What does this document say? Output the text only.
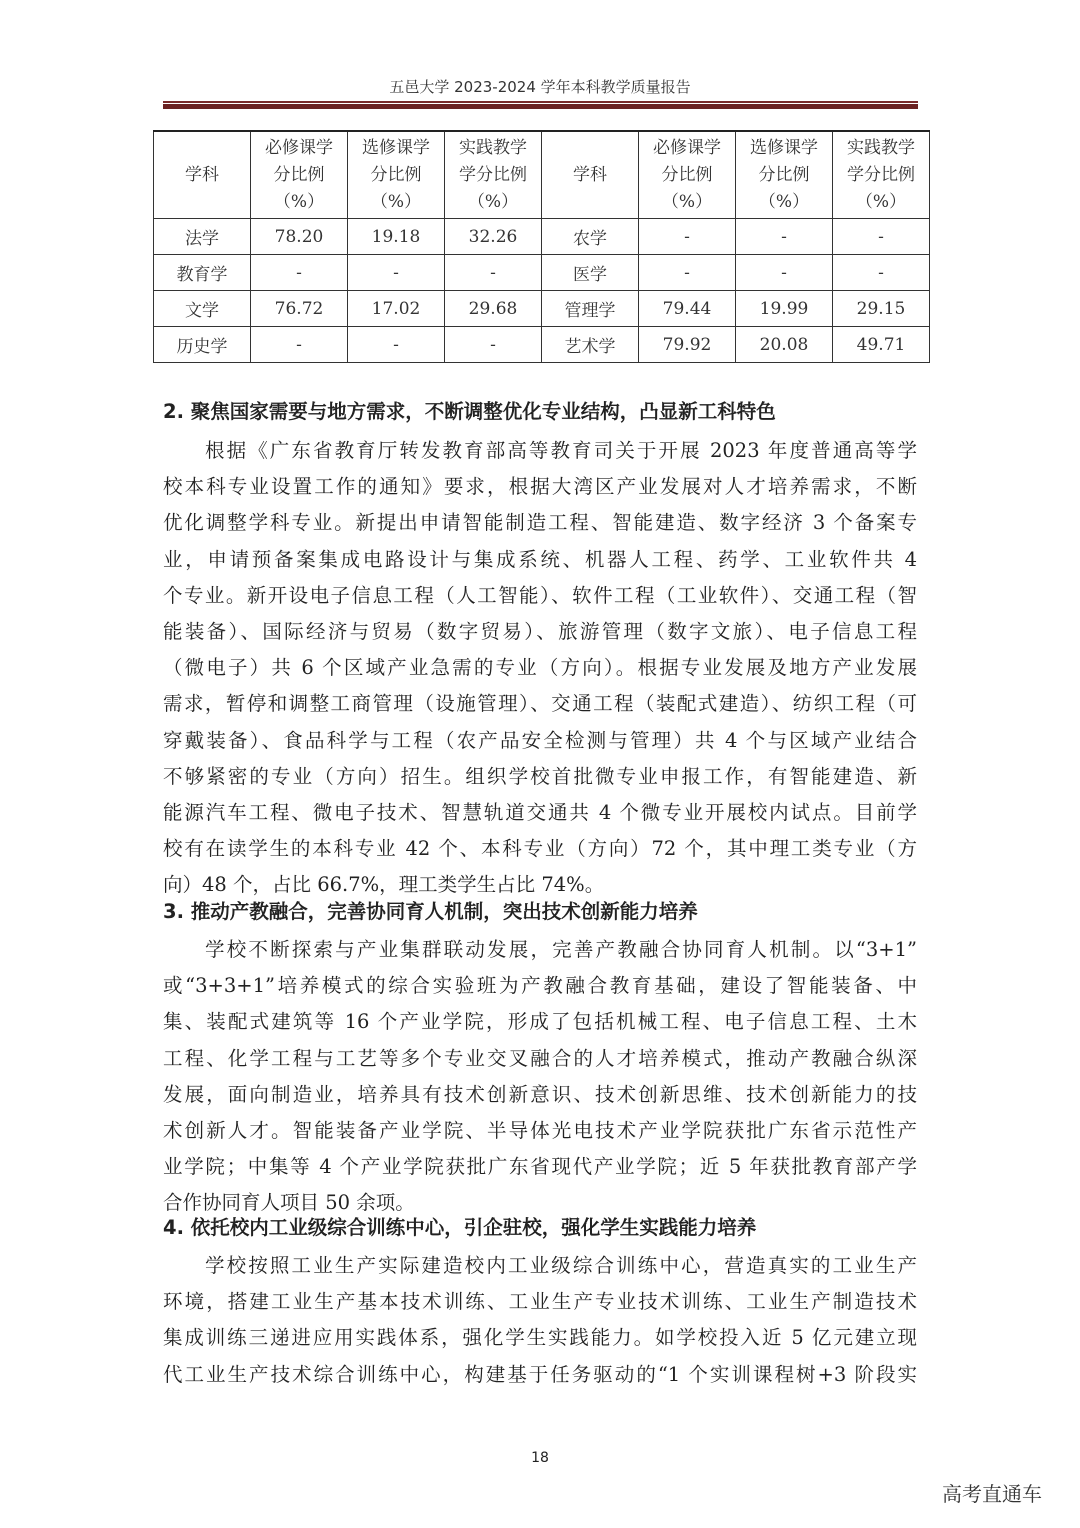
五邑大学 2023-2024 学年本科教学质量报告
学科	必修课学
分比例
（%）	选修课学
分比例
（%）	实践教学
学分比例
（%）	学科	必修课学
分比例
（%）	选修课学
分比例
（%）	实践教学
学分比例
（%）
法学	78.20	19.18	32.26	农学	-	-	-
教育学	-	-	-	医学	-	-	-
文学	76.72	17.02	29.68	管理学	79.44	19.99	29.15
历史学	-	-	-	艺术学	79.92	20.08	49.71
2. 聚焦国家需要与地方需求，不断调整优化专业结构，凸显新工科特色
根据《广东省教育厅转发教育部高等教育司关于开展 2023 年度普通高等学
校本科专业设置工作的通知》要求，根据大湾区产业发展对人才培养需求，不断
优化调整学科专业。新提出申请智能制造工程、智能建造、数字经济 3 个备案专
业，申请预备案集成电路设计与集成系统、机器人工程、药学、工业软件共 4
个专业。新开设电子信息工程（人工智能）、软件工程（工业软件）、交通工程（智
能装备）、国际经济与贸易（数字贸易）、旅游管理（数字文旅）、电子信息工程
（微电子）共 6 个区域产业急需的专业（方向）。根据专业发展及地方产业发展
需求，暂停和调整工商管理（设施管理）、交通工程（装配式建造）、纺织工程（可
穿戴装备）、食品科学与工程（农产品安全检测与管理）共 4 个与区域产业结合
不够紧密的专业（方向）招生。组织学校首批微专业申报工作，有智能建造、新
能源汽车工程、微电子技术、智慧轨道交通共 4 个微专业开展校内试点。目前学
校有在读学生的本科专业 42 个、本科专业（方向）72 个，其中理工类专业（方
向）48 个，占比 66.7%，理工类学生占比 74%。
3. 推动产教融合，完善协同育人机制，突出技术创新能力培养
学校不断探索与产业集群联动发展，完善产教融合协同育人机制。以“3+1”
或“3+3+1”培养模式的综合实验班为产教融合教育基础，建设了智能装备、中
集、装配式建筑等 16 个产业学院，形成了包括机械工程、电子信息工程、土木
工程、化学工程与工艺等多个专业交叉融合的人才培养模式，推动产教融合纵深
发展，面向制造业，培养具有技术创新意识、技术创新思维、技术创新能力的技
术创新人才。智能装备产业学院、半导体光电技术产业学院获批广东省示范性产
业学院；中集等 4 个产业学院获批广东省现代产业学院；近 5 年获批教育部产学
合作协同育人项目 50 余项。
4. 依托校内工业级综合训练中心，引企驻校，强化学生实践能力培养
学校按照工业生产实际建造校内工业级综合训练中心，营造真实的工业生产
环境，搭建工业生产基本技术训练、工业生产专业技术训练、工业生产制造技术
集成训练三递进应用实践体系，强化学生实践能力。如学校投入近 5 亿元建立现
代工业生产技术综合训练中心，构建基于任务驱动的“1 个实训课程树+3 阶段实
18
高考直通车
